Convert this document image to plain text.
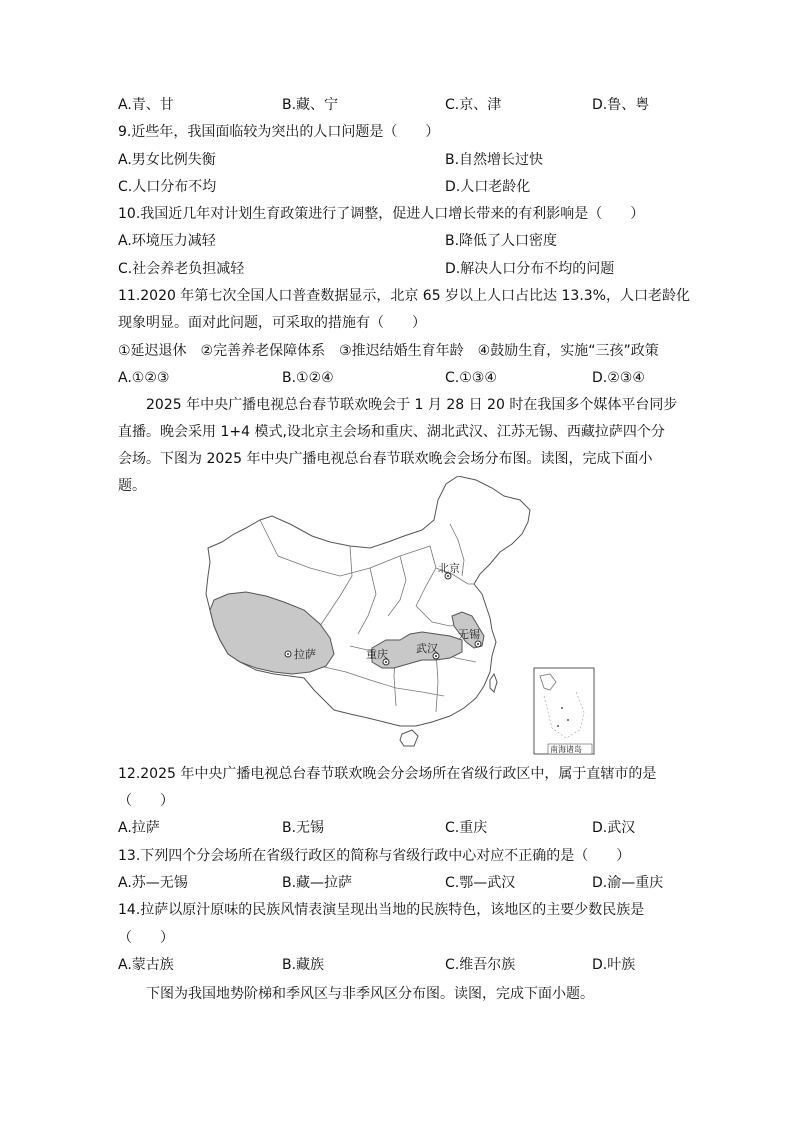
A.青、甘	B.藏、宁	C.京、津	D.鲁、粤
9.近些年，我国面临较为突出的人口问题是（　　）
A.男女比例失衡	B.自然增长过快
C.人口分布不均	D.人口老龄化
10.我国近几年对计划生育政策进行了调整，促进人口增长带来的有利影响是（　　）
A.环境压力减轻	B.降低了人口密度
C.社会养老负担减轻	D.解决人口分布不均的问题
11.2020 年第七次全国人口普查数据显示，北京 65 岁以上人口占比达 13.3%，人口老龄化
现象明显。面对此问题，可采取的措施有（　　）
①延迟退休　②完善养老保障体系　③推迟结婚生育年龄　④鼓励生育，实施“三孩”政策
A.①②③	B.①②④	C.①③④	D.②③④
2025 年中央广播电视总台春节联欢晚会于 1 月 28 日 20 时在我国多个媒体平台同步直播。晚会采用 1+4 模式,设北京主会场和重庆、湖北武汉、江苏无锡、西藏拉萨四个分会场。下图为 2025 年中央广播电视总台春节联欢晚会会场分布图。读图，完成下面小题。
北京
拉萨	重庆	武汉
无锡
南海诸岛
12.2025 年中央广播电视总台春节联欢晚会分会场所在省级行政区中，属于直辖市的是
（　　）
A.拉萨	B.无锡	C.重庆	D.武汉
13.下列四个分会场所在省级行政区的简称与省级行政中心对应不正确的是（　　）
A.苏—无锡	B.藏—拉萨	C.鄂—武汉	D.渝—重庆
14.拉萨以原汁原味的民族风情表演呈现出当地的民族特色，该地区的主要少数民族是
（　　）
A.蒙古族	B.藏族	C.维吾尔族	D.叶族
下图为我国地势阶梯和季风区与非季风区分布图。读图，完成下面小题。
